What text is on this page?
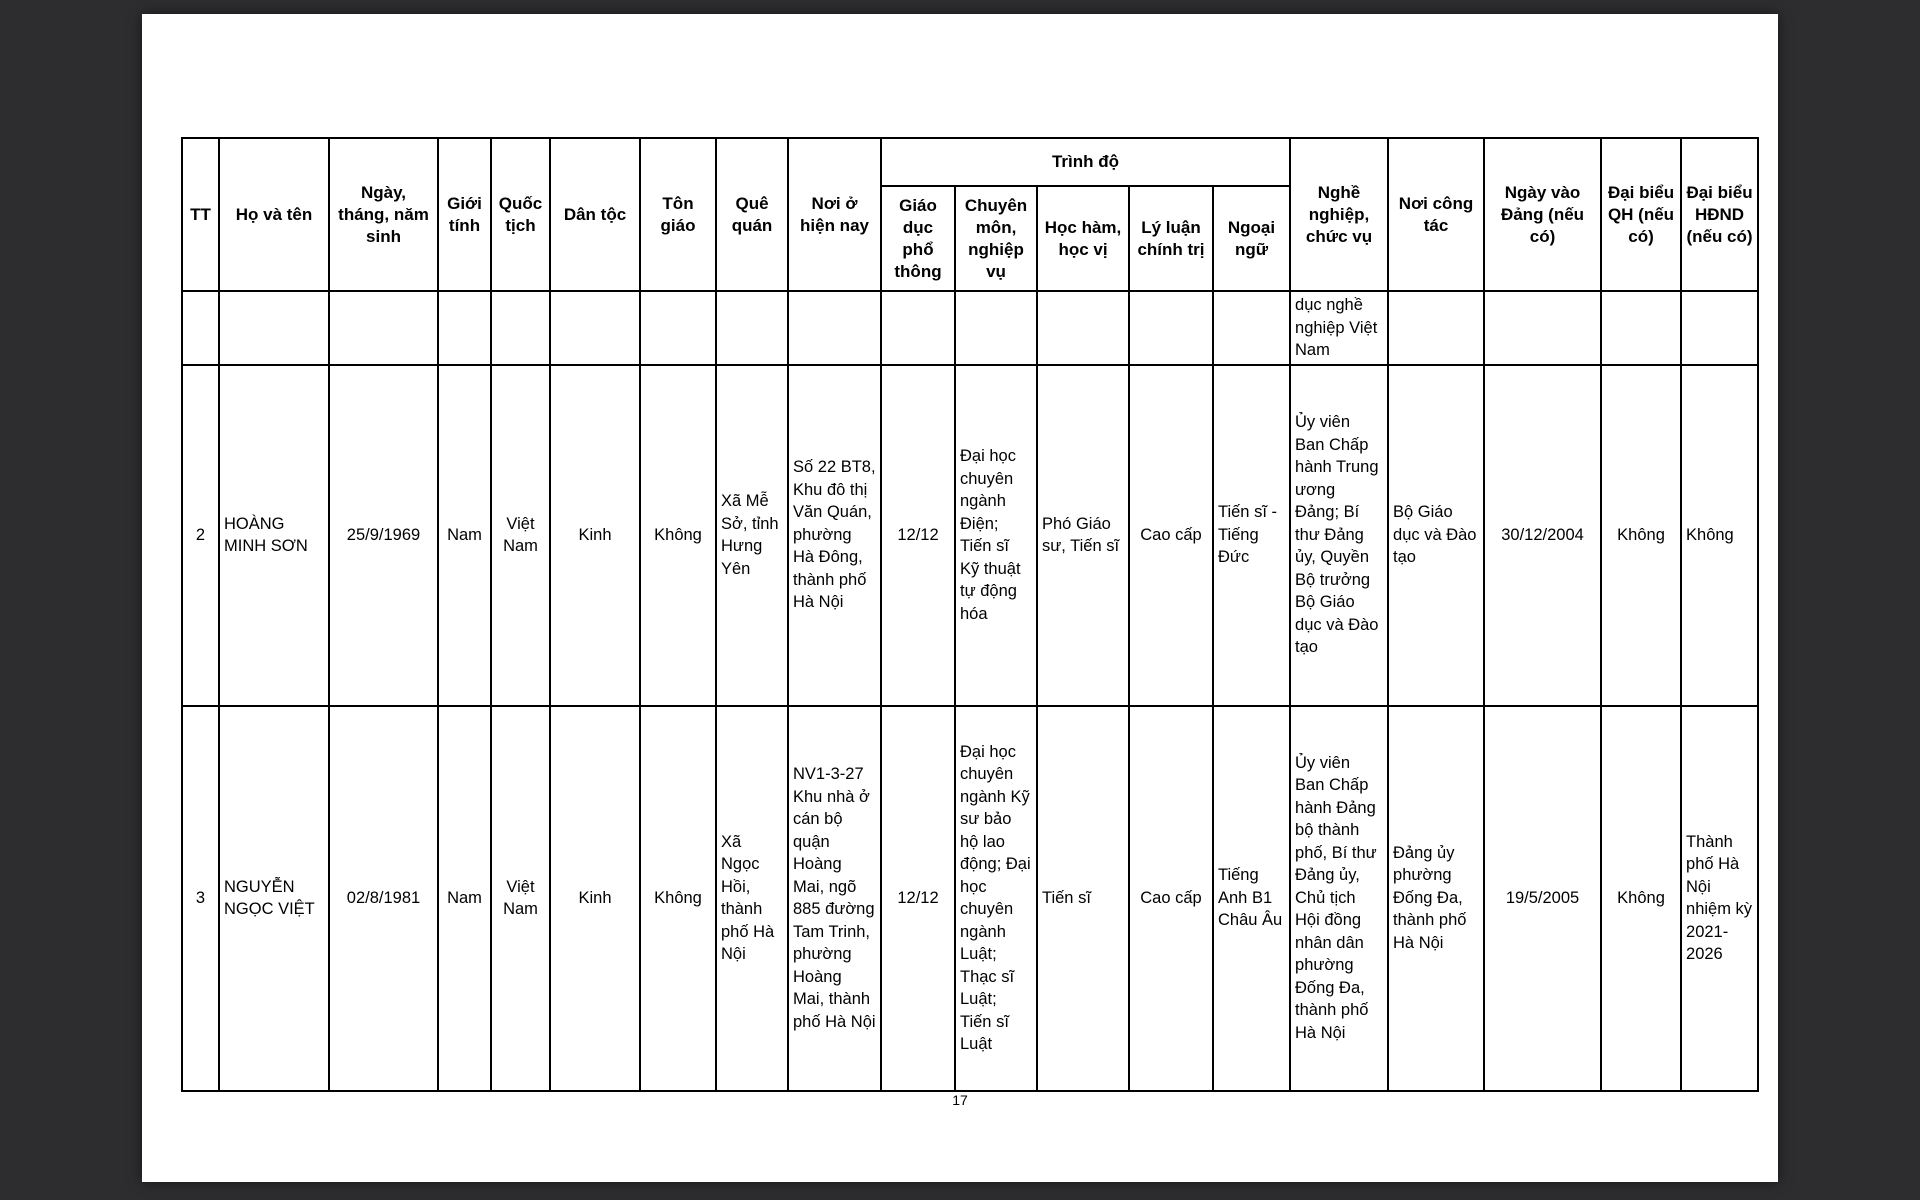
TT	Họ và tên	Ngày, tháng, năm sinh	Giới tính	Quốc tịch	Dân tộc	Tôn giáo	Quê quán	Nơi ở hiện nay	Trình độ					Nghề nghiệp, chức vụ	Nơi công tác	Ngày vào Đảng (nếu có)	Đại biểu QH (nếu có)	Đại biểu HĐND (nếu có)
									Giáo dục phổ thông	Chuyên môn, nghiệp vụ	Học hàm, học vị	Lý luận chính trị	Ngoại ngữ					
														dục nghề nghiệp Việt Nam				
2	HOÀNG MINH SƠN	25/9/1969	Nam	Việt Nam	Kinh	Không	Xã Mễ Sở, tỉnh Hưng Yên	Số 22 BT8, Khu đô thị Văn Quán, phường Hà Đông, thành phố Hà Nội	12/12	Đại học chuyên ngành Điện; Tiến sĩ Kỹ thuật tự động hóa	Phó Giáo sư, Tiến sĩ	Cao cấp	Tiến sĩ - Tiếng Đức	Ủy viên Ban Chấp hành Trung ương Đảng; Bí thư Đảng ủy, Quyền Bộ trưởng Bộ Giáo dục và Đào tạo	Bộ Giáo dục và Đào tạo	30/12/2004	Không	Không
3	NGUYỄN NGỌC VIỆT	02/8/1981	Nam	Việt Nam	Kinh	Không	Xã Ngọc Hồi, thành phố Hà Nội	NV1-3-27 Khu nhà ở cán bộ quận Hoàng Mai, ngõ 885 đường Tam Trinh, phường Hoàng Mai, thành phố Hà Nội	12/12	Đại học chuyên ngành Kỹ sư bảo hộ lao động; Đại học chuyên ngành Luật; Thạc sĩ Luật; Tiến sĩ Luật	Tiến sĩ	Cao cấp	Tiếng Anh B1 Châu Âu	Ủy viên Ban Chấp hành Đảng bộ thành phố, Bí thư Đảng ủy, Chủ tịch Hội đồng nhân dân phường Đống Đa, thành phố Hà Nội	Đảng ủy phường Đống Đa, thành phố Hà Nội	19/5/2005	Không	Thành phố Hà Nội nhiệm kỳ 2021-2026
17
